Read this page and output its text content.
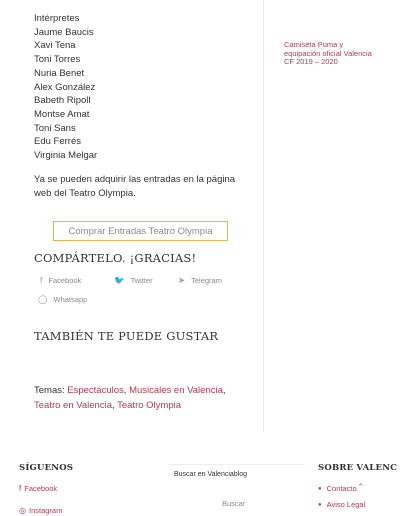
Intérpretes
Jaume Baucis
Xavi Tena
Toni Torres
Nuria Benet
Alex González
Babeth Ripoll
Montse Amat
Toni Sans
Edu Ferrés
Virginia Melgar
Ya se pueden adquirir las entradas en la página web del Teatro Olympia.
Comprar Entradas Teatro Olympia
COMPÁRTELO. ¡GRACIAS!
f Facebook	🐦 Twitter	➤ Telegram
◯ Whatsapp
TAMBIÉN TE PUEDE GUSTAR
Temas: Espectáculos, Musicales en Valencia,
Teatro en Valencia, Teatro Olympia
Camiseta Puma y equipación oficial Valencia CF 2019 – 2020
SÍGUENOS
f Facebook
◎ Instagram
Buscar en Valenciablog
Buscar
SOBRE VALENC
● Contacto
● Aviso Legal
⌃
